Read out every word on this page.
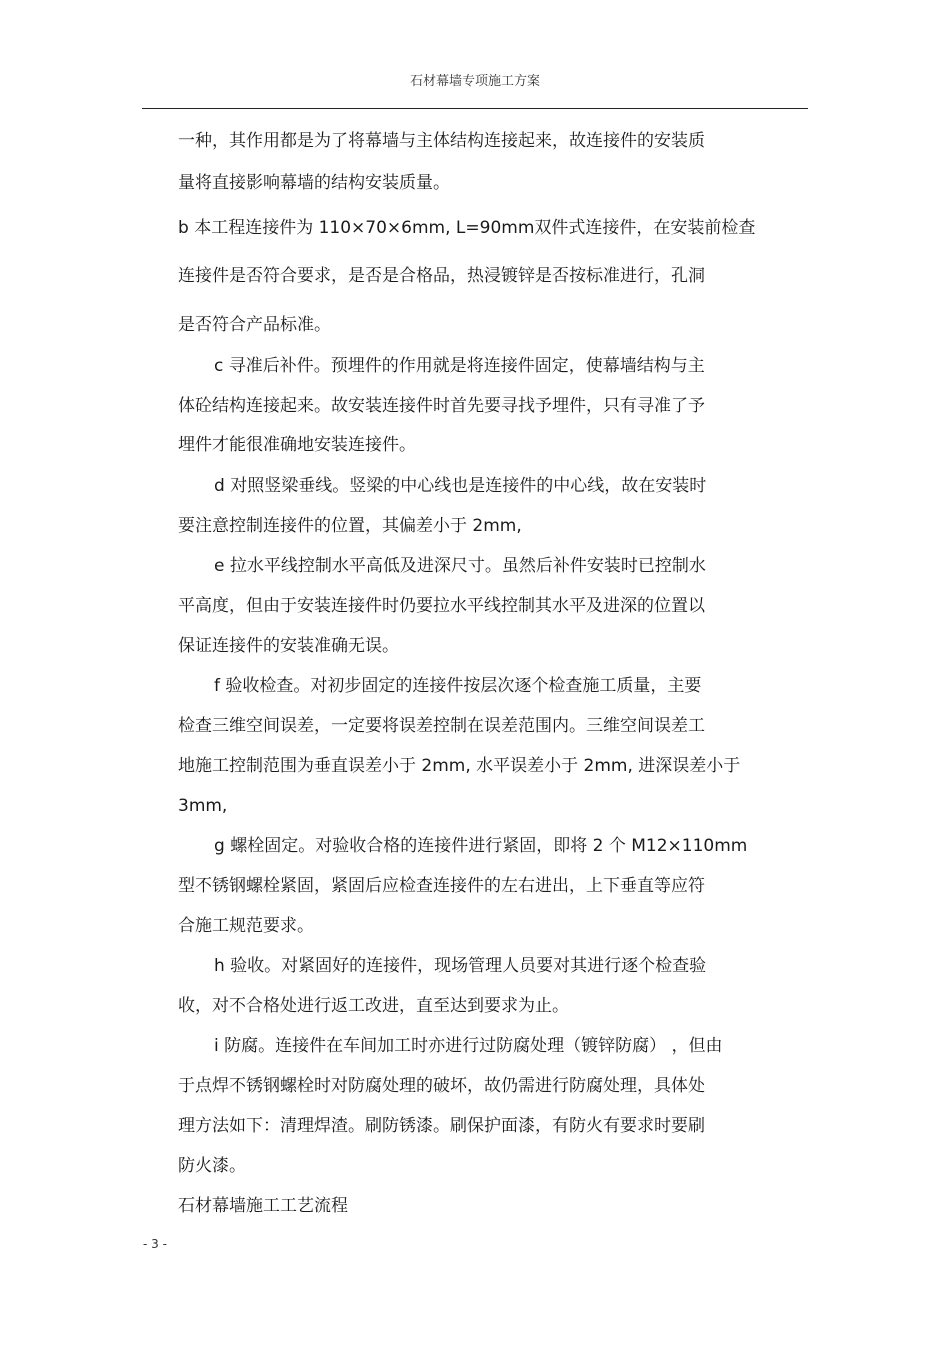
石材幕墙专项施工方案
一种，其作用都是为了将幕墙与主体结构连接起来，故连接件的安装质
量将直接影响幕墙的结构安装质量。
b 本工程连接件为 110×70×6mm, L=90mm双件式连接件，在安装前检查
连接件是否符合要求，是否是合格品，热浸镀锌是否按标准进行，孔洞
是否符合产品标准。
c 寻准后补件。预埋件的作用就是将连接件固定，使幕墙结构与主
体砼结构连接起来。故安装连接件时首先要寻找予埋件，只有寻准了予
埋件才能很准确地安装连接件。
d 对照竖梁垂线。竖梁的中心线也是连接件的中心线，故在安装时
要注意控制连接件的位置，其偏差小于 2mm,
e 拉水平线控制水平高低及进深尺寸。虽然后补件安装时已控制水
平高度，但由于安装连接件时仍要拉水平线控制其水平及进深的位置以
保证连接件的安装准确无误。
f 验收检查。对初步固定的连接件按层次逐个检查施工质量，主要
检查三维空间误差，一定要将误差控制在误差范围内。三维空间误差工
地施工控制范围为垂直误差小于 2mm, 水平误差小于 2mm, 进深误差小于
3mm,
g 螺栓固定。对验收合格的连接件进行紧固，即将 2 个 M12×110mm
型不锈钢螺栓紧固，紧固后应检查连接件的左右进出，上下垂直等应符
合施工规范要求。
h 验收。对紧固好的连接件，现场管理人员要对其进行逐个检查验
收，对不合格处进行返工改进，直至达到要求为止。
i 防腐。连接件在车间加工时亦进行过防腐处理（镀锌防腐） ，但由
于点焊不锈钢螺栓时对防腐处理的破坏，故仍需进行防腐处理，具体处
理方法如下：清理焊渣。刷防锈漆。刷保护面漆，有防火有要求时要刷
防火漆。
石材幕墙施工工艺流程
- 3 -
